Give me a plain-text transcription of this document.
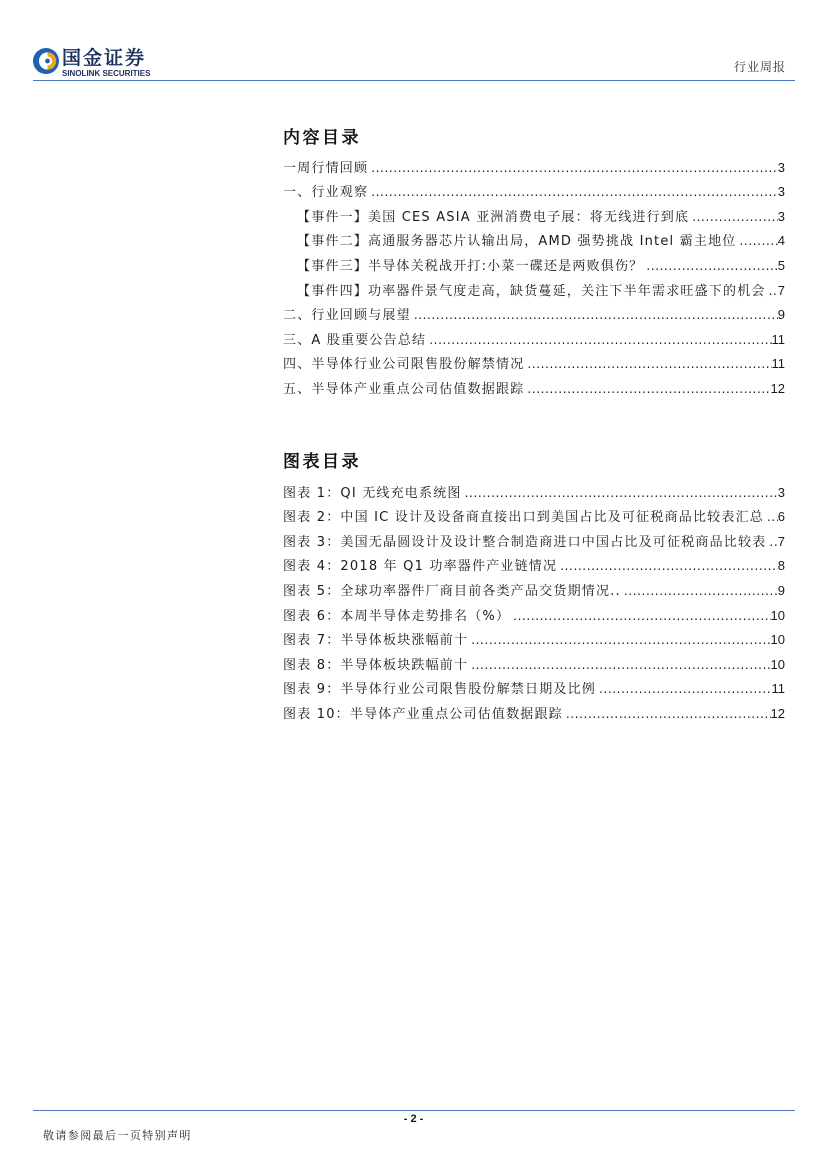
国金证券
SINOLINK SECURITIES	行业周报
内容目录
一周行情回顾 .....	3
一、行业观察 .....	3
【事件一】美国 CES ASIA 亚洲消费电子展：将无线进行到底 .....	3
【事件二】高通服务器芯片认输出局，AMD 强势挑战 Intel 霸主地位 .....	4
【事件三】半导体关税战开打:小菜一碟还是两败俱伤？ .....	5
【事件四】功率器件景气度走高，缺货蔓延，关注下半年需求旺盛下的机会 ..... 7
二、行业回顾与展望 .....	9
三、A 股重要公告总结 .....	11
四、半导体行业公司限售股份解禁情况 .....	11
五、半导体产业重点公司估值数据跟踪 .....	12
图表目录
图表 1：QI 无线充电系统图 .....	3
图表 2：中国 IC 设计及设备商直接出口到美国占比及可征税商品比较表汇总 ..... 6
图表 3：美国无晶圆设计及设计整合制造商进口中国占比及可征税商品比较表 ..... 7
图表 4：2018 年 Q1 功率器件产业链情况 .....	8
图表 5：全球功率器件厂商目前各类产品交货期情况.. .....	9
图表 6：本周半导体走势排名（%） .....	10
图表 7：半导体板块涨幅前十 .....	10
图表 8：半导体板块跌幅前十 .....	10
图表 9：半导体行业公司限售股份解禁日期及比例 .....	11
图表 10：半导体产业重点公司估值数据跟踪 .....	12
- 2 -
敬请参阅最后一页特别声明
